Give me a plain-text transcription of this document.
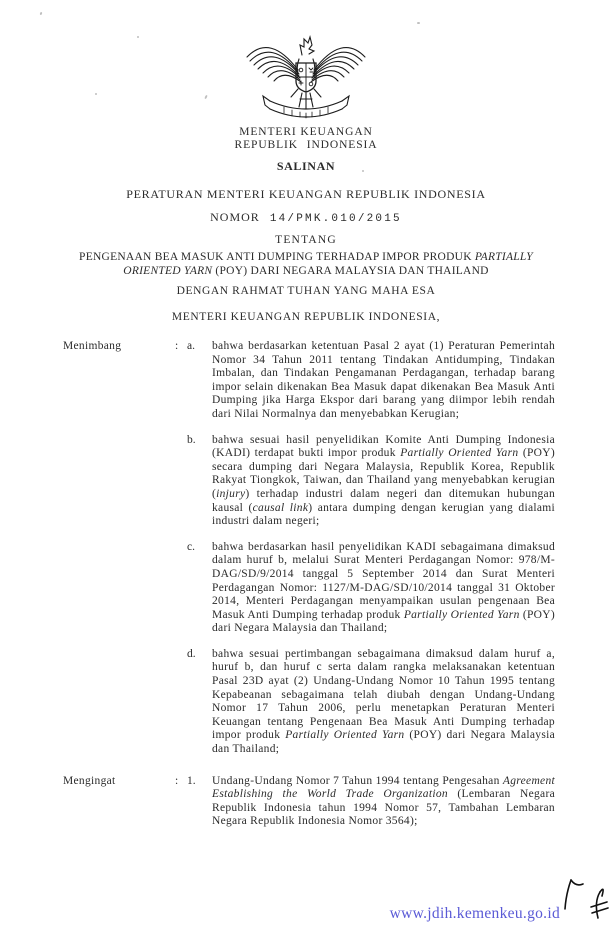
MENTERI KEUANGAN
REPUBLIK INDONESIA
SALINAN
PERATURAN MENTERI KEUANGAN REPUBLIK INDONESIA
NOMOR 14/PMK.010/2015
TENTANG
PENGENAAN BEA MASUK ANTI DUMPING TERHADAP IMPOR PRODUK PARTIALLY ORIENTED YARN (POY) DARI NEGARA MALAYSIA DAN THAILAND
DENGAN RAHMAT TUHAN YANG MAHA ESA
MENTERI KEUANGAN REPUBLIK INDONESIA,
Menimbang	: a.	bahwa berdasarkan ketentuan Pasal 2 ayat (1) Peraturan Pemerintah Nomor 34 Tahun 2011 tentang Tindakan Antidumping, Tindakan Imbalan, dan Tindakan Pengamanan Perdagangan, terhadap barang impor selain dikenakan Bea Masuk dapat dikenakan Bea Masuk Anti Dumping jika Harga Ekspor dari barang yang diimpor lebih rendah dari Nilai Normalnya dan menyebabkan Kerugian;
b.	bahwa sesuai hasil penyelidikan Komite Anti Dumping Indonesia (KADI) terdapat bukti impor produk Partially Oriented Yarn (POY) secara dumping dari Negara Malaysia, Republik Korea, Republik Rakyat Tiongkok, Taiwan, dan Thailand yang menyebabkan kerugian (injury) terhadap industri dalam negeri dan ditemukan hubungan kausal (causal link) antara dumping dengan kerugian yang dialami industri dalam negeri;
c.	bahwa berdasarkan hasil penyelidikan KADI sebagaimana dimaksud dalam huruf b, melalui Surat Menteri Perdagangan Nomor: 978/M-DAG/SD/9/2014 tanggal 5 September 2014 dan Surat Menteri Perdagangan Nomor: 1127/M-DAG/SD/10/2014 tanggal 31 Oktober 2014, Menteri Perdagangan menyampaikan usulan pengenaan Bea Masuk Anti Dumping terhadap produk Partially Oriented Yarn (POY) dari Negara Malaysia dan Thailand;
d.	bahwa sesuai pertimbangan sebagaimana dimaksud dalam huruf a, huruf b, dan huruf c serta dalam rangka melaksanakan ketentuan Pasal 23D ayat (2) Undang-Undang Nomor 10 Tahun 1995 tentang Kepabeanan sebagaimana telah diubah dengan Undang-Undang Nomor 17 Tahun 2006, perlu menetapkan Peraturan Menteri Keuangan tentang Pengenaan Bea Masuk Anti Dumping terhadap impor produk Partially Oriented Yarn (POY) dari Negara Malaysia dan Thailand;
Mengingat	: 1.	Undang-Undang Nomor 7 Tahun 1994 tentang Pengesahan Agreement Establishing the World Trade Organization (Lembaran Negara Republik Indonesia tahun 1994 Nomor 57, Tambahan Lembaran Negara Republik Indonesia Nomor 3564);
www.jdih.kemenkeu.go.id
